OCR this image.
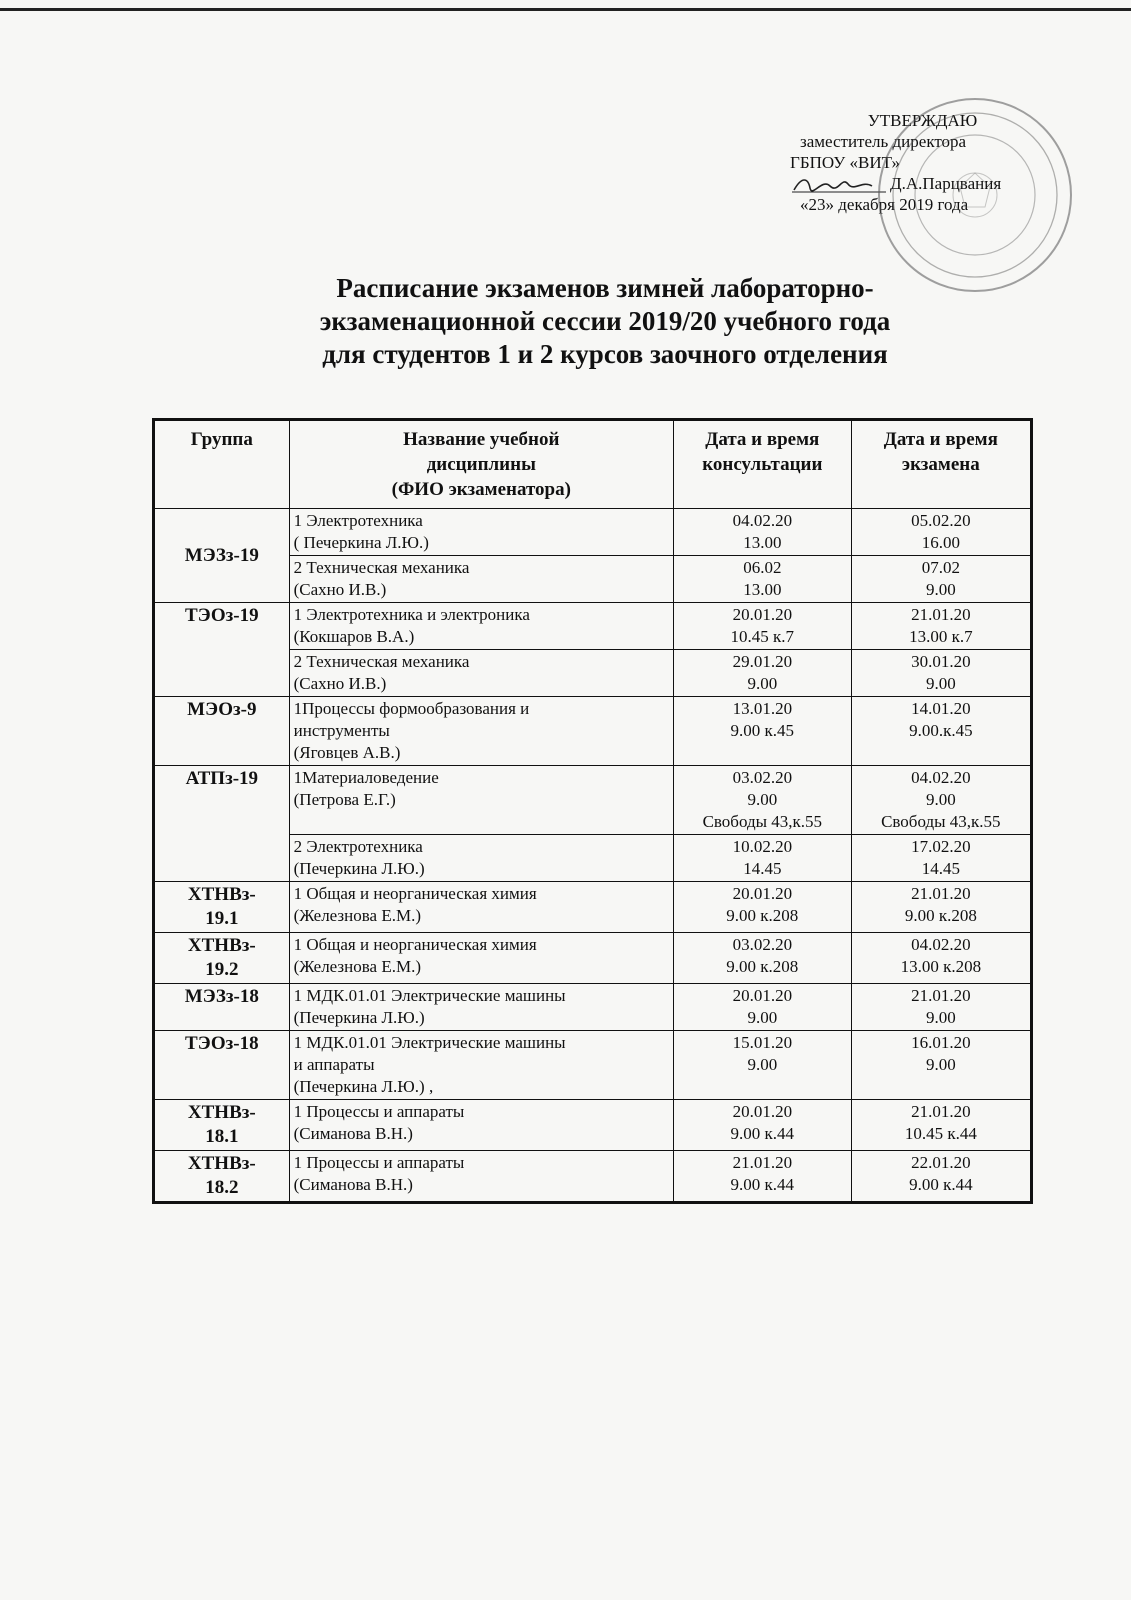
УТВЕРЖДАЮ
заместитель директора
ГБПОУ «ВИТ»
Д.А.Парцвания
«23» декабря 2019 года
Расписание экзаменов зимней лабораторно-
экзаменационной сессии 2019/20 учебного года
для студентов 1 и 2 курсов заочного отделения
Группа	Название учебной
дисциплины
(ФИО экзаменатора)	Дата и время
консультации	Дата и время
экзамена

МЭЗз-19	1 Электротехника
( Печеркина Л.Ю.)	04.02.20
13.00	05.02.20
16.00

	2 Техническая механика
(Сахно И.В.)	06.02
13.00	07.02
9.00

ТЭОз-19	1 Электротехника и электроника
(Кокшаров В.А.)	20.01.20
10.45 к.7	21.01.20
13.00 к.7

	2 Техническая механика
(Сахно И.В.)	29.01.20
9.00	30.01.20
9.00

МЭОз-9	1Процессы формообразования и
инструменты
(Яговцев А.В.)	13.01.20
9.00 к.45	14.01.20
9.00.к.45

АТПз-19	1Материаловедение
(Петрова Е.Г.)	03.02.20
9.00
Свободы 43,к.55	04.02.20
9.00
Свободы 43,к.55

	2 Электротехника
(Печеркина Л.Ю.)	10.02.20
14.45	17.02.20
14.45

ХТНВз-
19.1	1 Общая и неорганическая химия
(Железнова Е.М.)	20.01.20
9.00 к.208	21.01.20
9.00 к.208

ХТНВз-
19.2	1 Общая и неорганическая химия
(Железнова Е.М.)	03.02.20
9.00 к.208	04.02.20
13.00 к.208

МЭЗз-18	1 МДК.01.01 Электрические машины
(Печеркина Л.Ю.)	20.01.20
9.00	21.01.20
9.00

ТЭОз-18	1 МДК.01.01 Электрические машины
и аппараты
(Печеркина Л.Ю.) ,	15.01.20
9.00	16.01.20
9.00

ХТНВз-
18.1	1 Процессы и аппараты
(Симанова В.Н.)	20.01.20
9.00 к.44	21.01.20
10.45 к.44

ХТНВз-
18.2	1 Процессы и аппараты
(Симанова В.Н.)	21.01.20
9.00 к.44	22.01.20
9.00 к.44
